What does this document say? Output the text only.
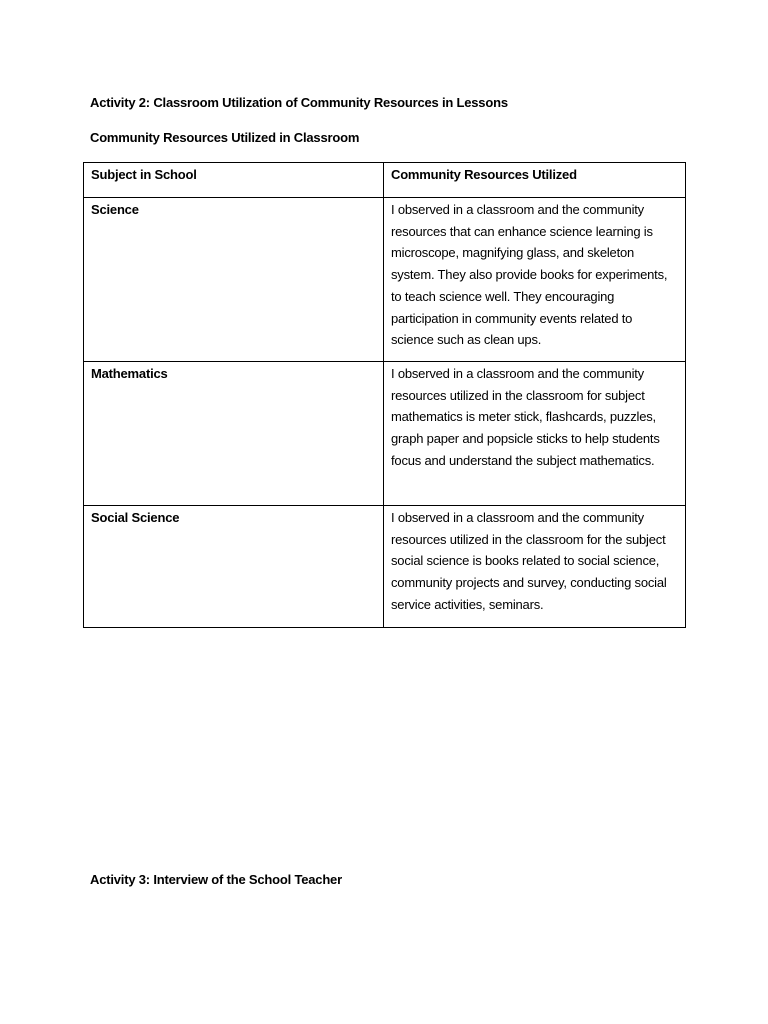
Activity 2: Classroom Utilization of Community Resources in Lessons
Community Resources Utilized in Classroom
Subject in School	Community Resources Utilized
Science	I observed in a classroom and the community resources that can enhance science learning is microscope, magnifying glass, and skeleton system. They also provide books for experiments, to teach science well. They encouraging participation in community events related to science such as clean ups.
Mathematics	I observed in a classroom and the community resources utilized in the classroom for subject mathematics is meter stick, flashcards, puzzles, graph paper and popsicle sticks to help students focus and understand the subject mathematics.
Social Science	I observed in a classroom and the community resources utilized in the classroom for the subject social science is books related to social science, community projects and survey, conducting social service activities, seminars.
Activity 3: Interview of the School Teacher
